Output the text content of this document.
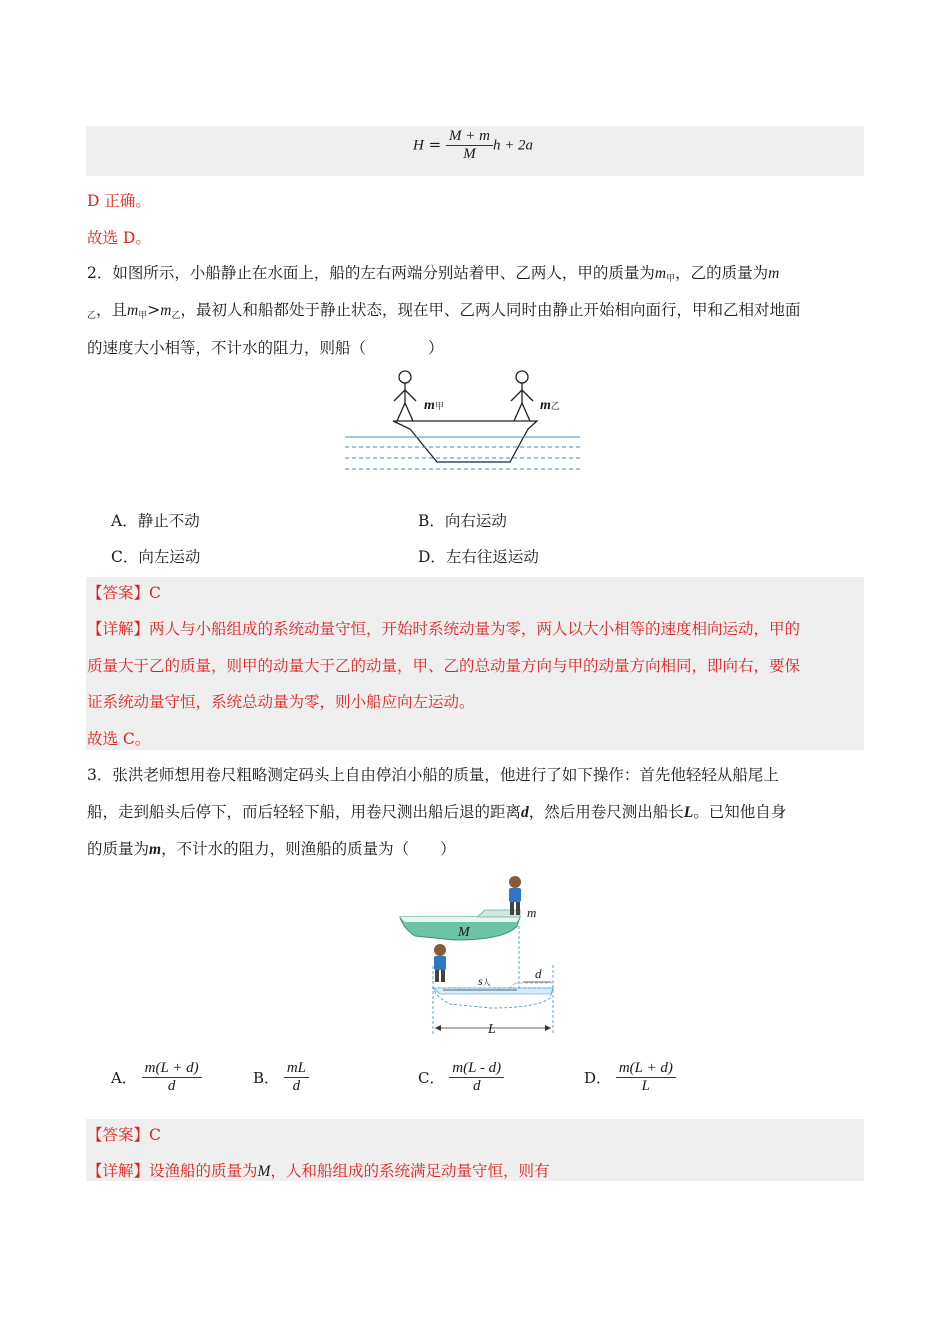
$H = \frac{M + m}{M}$ h + 2a
D 正确。
故选 D。
2．如图所示，小船静止在水面上，船的左右两端分别站着甲、乙两人，甲的质量为$m_甲$，乙的质量为m
$_乙$，且$m_甲>m_乙$，最初人和船都处于静止状态，现在甲、乙两人同时由静止开始相向面行，甲和乙相对地面
的速度大小相等，不计水的阻力，则船（　　　　）
m甲	m乙
A．静止不动	B．向右运动
C．向左运动	D．左右往返运动
【答案】C
【详解】两人与小船组成的系统动量守恒，开始时系统动量为零，两人以大小相等的速度相向运动，甲的
质量大于乙的质量，则甲的动量大于乙的动量，甲、乙的总动量方向与甲的动量方向相同，即向右，要保
证系统动量守恒，系统总动量为零，则小船应向左运动。
故选 C。
3．张洪老师想用卷尺粗略测定码头上自由停泊小船的质量，他进行了如下操作：首先他轻轻从船尾上
船，走到船头后停下，而后轻轻下船，用卷尺测出船后退的距离d，然后用卷尺测出船长L。已知他自身
的质量为m，不计水的阻力，则渔船的质量为（　　）
M
m
s人
d
L
A． $\frac{m(L + d)}{d}$	B． $\frac{mL}{d}$	C． $\frac{m(L - d)}{d}$	D． $\frac{m(L + d)}{L}$
【答案】C
【详解】设渔船的质量为M，人和船组成的系统满足动量守恒，则有
